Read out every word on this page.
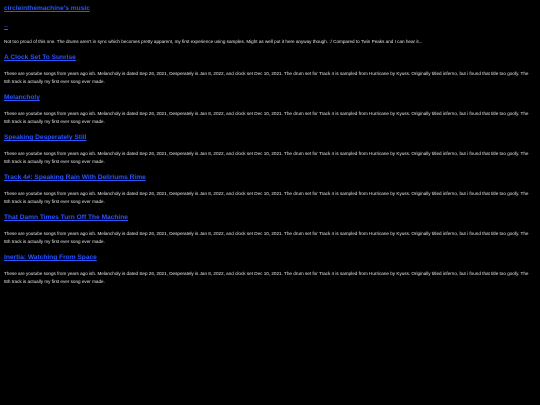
circleinthemachine's music
--
Not too proud of this one. The drums aren't in sync which becomes pretty apparent, my first experience using samples. Might as well put it here anyway though. :/ Compared to Twin Peaks and I can hear it...
A Clock Set To Sunrise
These are youtube songs from years ago ish. Melancholy is dated Sep 26, 2021, Desperately is Jan 8, 2022, and clock set Dec 10, 2021. The drum set for Track 4 is sampled from Hurricane by Kyuss. Originally titled inferno, but i found that title too goofy. The 5th track is actually my first ever song ever made.
Melancholy
These are youtube songs from years ago ish. Melancholy is dated Sep 26, 2021, Desperately is Jan 8, 2022, and clock set Dec 10, 2021. The drum set for Track 4 is sampled from Hurricane by Kyuss. Originally titled inferno, but i found that title too goofy. The 5th track is actually my first ever song ever made.
Speaking Desperately Still
These are youtube songs from years ago ish. Melancholy is dated Sep 26, 2021, Desperately is Jan 8, 2022, and clock set Dec 10, 2021. The drum set for Track 4 is sampled from Hurricane by Kyuss. Originally titled inferno, but i found that title too goofy. The 5th track is actually my first ever song ever made.
Track 4#: Speaking Rain With Deliriums Rime
These are youtube songs from years ago ish. Melancholy is dated Sep 26, 2021, Desperately is Jan 8, 2022, and clock set Dec 10, 2021. The drum set for Track 4 is sampled from Hurricane by Kyuss. Originally titled inferno, but i found that title too goofy. The 5th track is actually my first ever song ever made.
That Damn Times Turn Off The Machine
These are youtube songs from years ago ish. Melancholy is dated Sep 26, 2021, Desperately is Jan 8, 2022, and clock set Dec 10, 2021. The drum set for Track 4 is sampled from Hurricane by Kyuss. Originally titled inferno, but i found that title too goofy. The 5th track is actually my first ever song ever made.
Inertia: Watching From Space
These are youtube songs from years ago ish. Melancholy is dated Sep 26, 2021, Desperately is Jan 8, 2022, and clock set Dec 10, 2021. The drum set for Track 4 is sampled from Hurricane by Kyuss. Originally titled inferno, but i found that title too goofy. The 5th track is actually my first ever song ever made.
